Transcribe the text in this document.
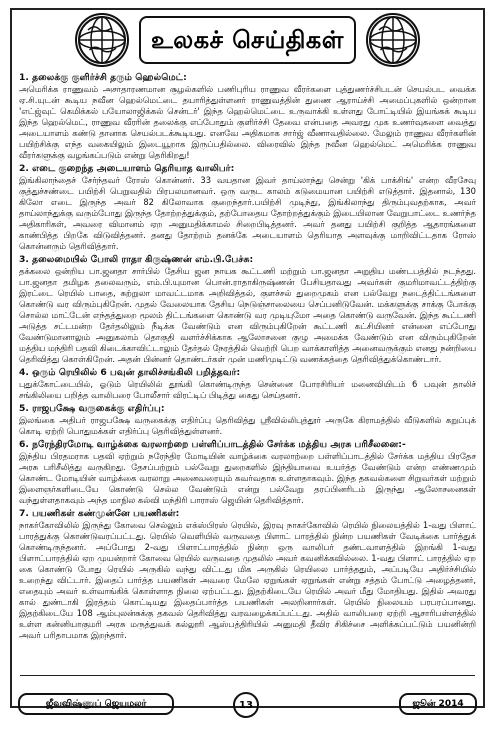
உலகச் செய்திகள்
1. தலைக்கு குளிர்ச்சி தரும் ஹெல்மெட்:
அமெரிக்க ராணுவம் அசாதாரணமான சூழல்களில் பணிபுரிய ராணுவ வீரர்களை புத்துணர்ச்சிபடன் செயல்பட வைக்க ஏ.சி.யுடன் கூடிய நவீன ஹெல்மெட்டை தயாரித்துள்ளனர் ராணுவத்தின் துணை ஆராய்ச்சி அமைப்புகளில் ஒன்றான 'எட்ஜ்வுட் கெமிக்கல் பயோலாஜிக்கல் சென்டர்' இந்த ஹெல்மெட்டை உருவாக்கி உள்ளது போட்டியில் இயங்கக் கூடிய இந்த ஹெல்மெட், ராணுவ வீரரின் தலைக்கு எப்போதும் குளிர்ச்சி தேவை என்பதை அவரது முக உணர்வுகளை வைத்து அடையாளம் கண்டு தானாக செயல்படக்கூடியது. எனவே அதிகமாக சார்ஜ் வீணாவதில்லை. மேலும் ராணுவ வீரர்களின் பயிற்சிக்கு எந்த வகையிலும் இடையூறாக இருப்பதில்லை. விரைவில் இந்த நவீன ஹெல்மெட் அமெரிக்க ராணுவ வீரர்களுக்கு வழங்கப்படும் என்று தெரிகிறது!
2. எடை குறைந்த அடையாளம் தெரியாத வாலிபர்:
இங்கிலாந்தைச் சேர்ந்தவர் ரோஸ் கொன்னர். 33 வயதான இவர் தாய்லாந்து சென்று 'கிக் பாக்சிங்' என்ற வீரசேவு குத்துச்சண்டை பயிற்சி பெறுவதில் பிரபலமானவர். ஒரு வருட காலம் கடுமையான பயிற்சி எடுத்தார். இதனால், 130 கிலோ எடை இருந்த அவர் 82 கிலோவாக குறைந்தார்.பயிற்சி முடிந்து, இங்கிலாந்து திரும்புவதற்காக, அவர் தாய்லாந்துக்கு வரும்போது இருந்த தோற்றத்துக்கும், தற்போதைய தோற்றத்துக்கும் இடையிலான வேறுபாட்டை உணர்ந்த அதிகாரிகள், அவரை விமானம் ஏற அனுமதிக்காமல் சிறைபிடித்தனர். அவர் தனது பயிற்சி குறித்த ஆதாரங்களை காண்பித்த பிறகே விடுவித்தனர். தனது தோற்றம் தனக்கே அடையாளம் தெரியாத அளவுக்கு மாறிவிட்டதாக ரோஸ் கொன்னரும் தெரிவித்தார்.
3. தலைமையில் போலி ராதா கிருஷ்ணன் எம்.பி.பேச்சு:
தக்கலை ஒன்றிய பா.ஜனதா சார்பில் தேசிய ஜன நாயக கூட்டணி மற்றும் பா.ஜனதா அறுதிய மண்டபத்தில் நடந்தது. பா.ஜனதா தமிழக தலைவரும், எம்.பி.யுமான பொன்.ராதாகிருஷ்ணன் பேசியதாவது அவர்கள் குமரிமாவட்டத்திற்கு இரட்டை ரெயில் பாதை, சுற்றுலா மாவட்டமாக அறிவித்தல், குளச்சல் துறைமுகம் என பல்வேறு நடைத்திட்டங்களை கொண்டு வர விரும்புகிறேன். முதல் வேலையாக தேசிய நெடுஞ்சாலையை செப்பனிடுவேன். மக்களுக்கு சாக்கு போக்கு சொல்ல மாட்டேன் எந்தத்துறை மூலம் திட்டங்களை கொண்டு வர முடியுமோ அதை கொண்டு வருவேன். இந்த கூட்டணி அடுத்த சட்டமன்ற தேர்தலிலும் நீடிக்க வேண்டும் என விரும்புகிறேன் கூட்டணி கட்சியினர் என்னை எப்போது வேண்டுமானாலும் அனுகலாம் தொகுதி வளர்ச்சிக்காக ஆலோசனை குழு அமைக்க வேண்டும் என விரும்புகிறேன் மத்திய மந்திரி பதவி கிடைக்காவிட்டாலும் தேர்தல் நேரத்தில் வெற்றி பெற வாக்காளித்த அனைவருக்கும் எனது நன்றியை தெரிவித்து கொள்கிறேன். அதன் பின்னர் தொண்டர்கள் முன் மணிமுடிட்டு வணக்கத்தை தெரிவித்துக்கொண்டார்.
4. ஒரும் ரெயிலில் 6 பவுன் தாலிச்சங்கிலி பறித்தவர்:
புதுக்கோட்டையில், ஓடும் ரெயிலில் தூங்கி கொண்டிருந்த சென்னை போரசிரியர் மனைவியிடம் 6 பவுன் தாலிச் சங்கிலியை பறித்த வாலிபரை போலீசார் விரட்டிப் பிடித்து கைது செய்தனர்.
5. ராஜபக்ஷே வருகைக்கு எதிர்ப்பு:
இலங்கை அதிபர் ராஜபக்ஷே வருகைக்கு எதிர்ப்பு தெரிவித்து ஸ்ரீவில்லிபுத்தூர் அருகே கிராமத்தில் வீடுகளில் கறுப்புக் கொடி ஏற்றி பொதுமக்கள் எதிர்ப்பு தெரிவித்துள்ளனர்.
6. நரேந்திரமோடி வாழ்க்கை வரலாற்றை பள்ளிப்பாடத்தில் சேர்க்க மத்திய அரசு பரிசீலனை:-
இந்திய பிரதமராக பதவி ஏற்றும் நரேந்திர மோடியின் வாழ்க்கை வரலாற்றை பள்ளிப்பாடத்தில் சேர்க்க மத்திய பிரதேச அரசு பரிசீலித்து வருகிறது. தேசப்பற்றும் பல்வேறு துறைகளில் இந்தியாவை உயர்த்த வேண்டும் என்ற எண்ணமும் கொண்ட மோடியின் வாழ்க்கை வரலாறு அனைவரையும் கவர்வதாக உள்ளதாகவும். இந்த தகவல்களை சிறுவர்கள் மற்றும் இளைஞர்களிடையே கொண்டு செல்ல வேண்டும் என்று பல்வேறு தரப்பினரிடம் இருந்து ஆலோசனைகள் வந்துள்ளதாகவும் அந்த மாநில கல்வி மந்திரி பாராஸ் ஜெயின் தெரிவித்தார்.
7. பயணிகள் கண்முன்னே பயணிகள்:
நாகர்கோவிலில் இருந்து கோவை செல்லும் எக்ஸ்பிரஸ் ரெயில், இரவு நாகர்கோவில் ரெயில் நிலையத்தில் 1-வது பிளாட் பாரத்துக்கு கொண்டுவரப்பட்டது. ரெயில் வெளியில் வருவதை பிளாட் பாரத்தில் நின்ற பயணிகள் வேடிக்கை பார்த்துக் கொண்டிருந்தனர். அப்போது 2-வது பிளாட்பாரத்தில் நின்ற ஒரு வாலிபர் தண்டவாளத்தில் இறங்கி 1-வது பிளாட்பாரத்தில் ஏற முயன்றார் கோவை ரெயில் வருவதை முதலில் அவர் கவனிக்கவில்லை. 1-வது பிளாட் பாரத்தில் ஏற கை கொண்டு போது ரெயில் அருகில் வந்து விட்டது மிக அருகில் ரெயிலை பார்த்ததும், அப்படியே அதிர்ச்சியில் உறைந்து விட்டார். இதைப் பார்த்த பயணிகள் அவரை மேலே ஏறுங்கள் ஏறுங்கள் என்று சத்தம் போட்டு அழைத்தனர், எதையும் அவர் உள்வாங்கிக் கொள்ளாத நிலை ஏற்பட்டது. இதற்கிடையே ரெயில் அவர் மீது மோதியது. இதில் அவரது கால் துண்டாகி இரத்தம் கொட்டியது இதைப்பார்த்த பயணிகள் அலறினார்கள். ரெயில் நிலையம் பரபரப்பானது. இதற்கிடையே 108 ஆம்புலன்சுக்கு தகவல் தெரிவித்து வரவழைக்கப்பட்டது. அதில் வாலிபரை ஏற்றி ஆசாரிபள்ளத்தில் உள்ள கன்னியாகுமரி அரசு மருத்துவக் கல்லூரி ஆஸ்பத்திரியில் அனுமதி தீவிர சிகிச்சை அளிக்கப்பட்டும் பயனின்றி அவர் பரிதாபமாக இறந்தார்.
ஜீவவிஷ்ணுப் ஜெயமலர்	13	ஜூன் 2014
